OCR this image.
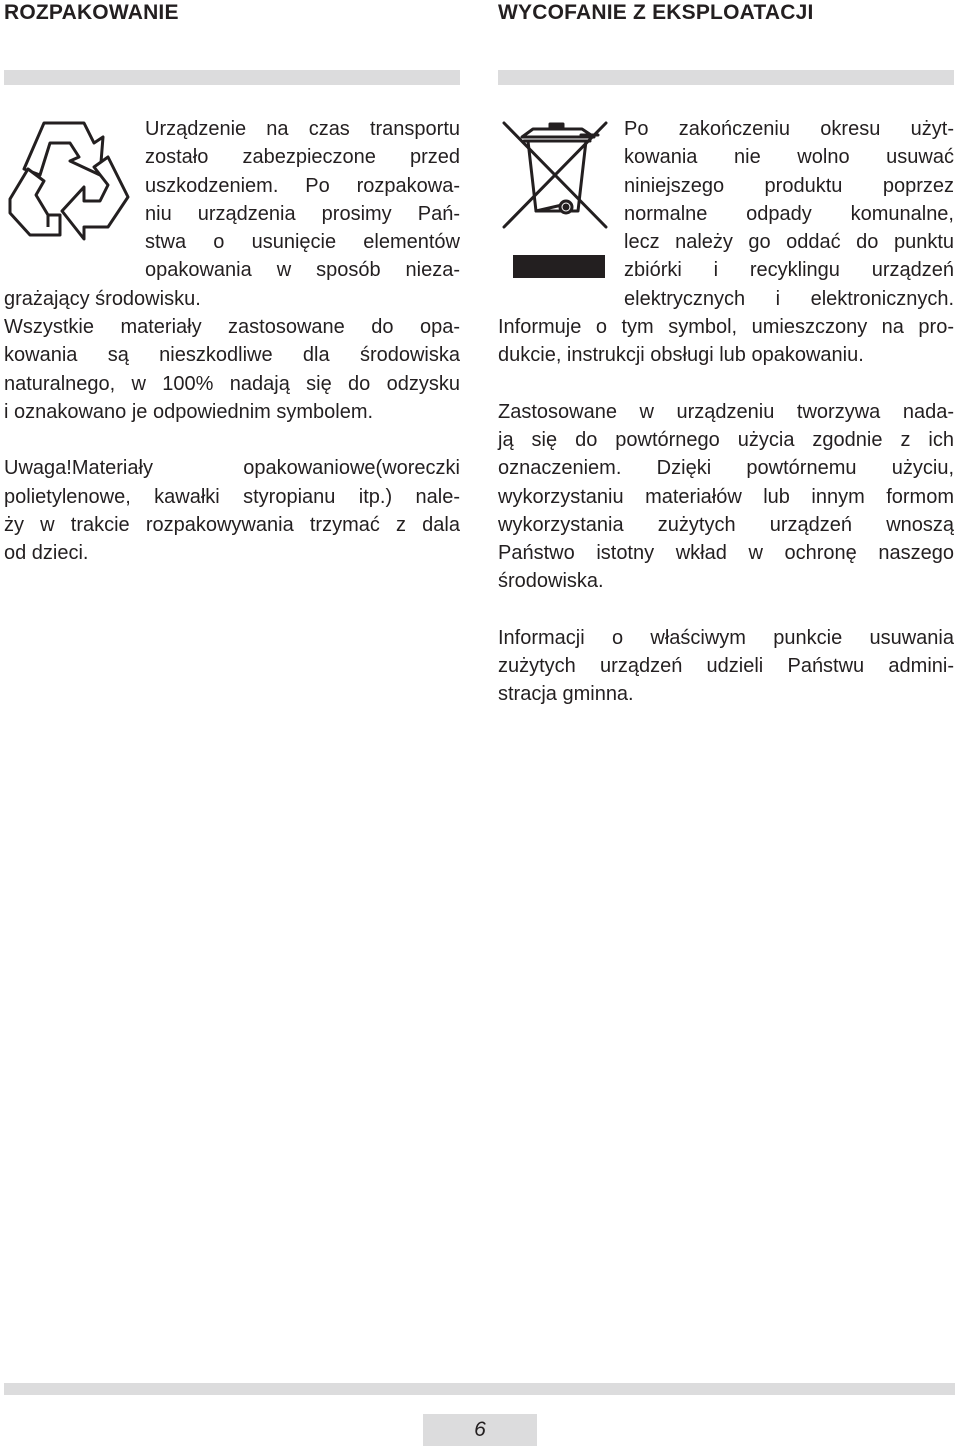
ROZPAKOWANIE	WYCOFANIE Z EKSPLOATACJI

Urządzenie na czas transportu

zostało zabezpieczone przed

uszkodzeniem. Po rozpakowa-

niu urządzenia prosimy Pań-

stwa o usunięcie elementów

opakowania w sposób nieza-

grażający środowisku.

Wszystkie materiały zastosowane do opa-

kowania są nieszkodliwe dla środowiska

naturalnego, w 100% nadają się do odzysku

i oznakowano je odpowiednim symbolem.

Uwaga!Materiały opakowaniowe(woreczki

polietylenowe, kawałki styropianu itp.) nale-

ży w trakcie rozpakowywania trzymać z dala

od dzieci.

Po zakończeniu okresu użyt-

kowania nie wolno usuwać

niniejszego produktu poprzez

normalne odpady komunalne,

lecz należy go oddać do punktu

zbiórki i recyklingu urządzeń

elektrycznych i elektronicznych.

Informuje o tym symbol, umieszczony na pro-

dukcie, instrukcji obsługi lub opakowaniu.

Zastosowane w urządzeniu tworzywa nada-

ją się do powtórnego użycia zgodnie z ich

oznaczeniem. Dzięki powtórnemu użyciu,

wykorzystaniu materiałów lub innym formom

wykorzystania zużytych urządzeń wnoszą

Państwo istotny wkład w ochronę naszego

środowiska.

Informacji o właściwym punkcie usuwania

zużytych urządzeń udzieli Państwu admini-

stracja gminna.

6
